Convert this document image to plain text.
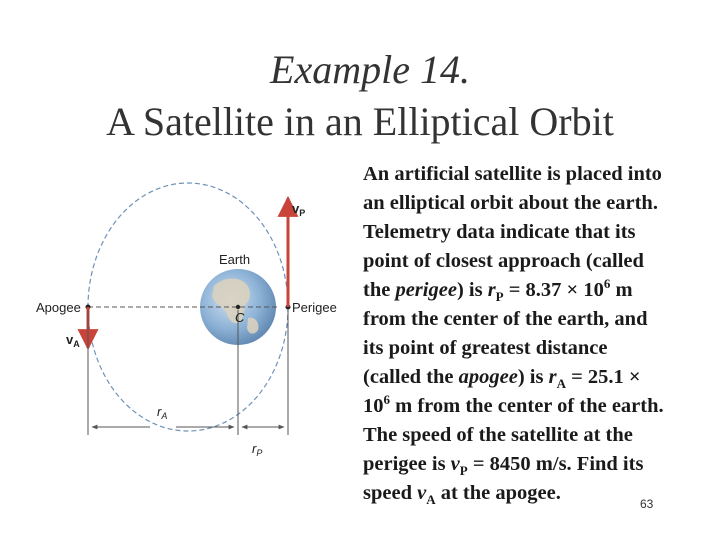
Example 14.
A Satellite in an Elliptical Orbit
Earth
C
Apogee	Perigee
$v_P$
$v_A$
$r_A$
$r_P$
An artificial satellite is placed into
an elliptical orbit about the earth.
Telemetry data indicate that its
point of closest approach (called
the perigee) is $r_P = 8.37 \times 10^6$ m
from the center of the earth, and
its point of greatest distance
(called the apogee) is $r_A = 25.1$ ×
$10^6$ m from the center of the earth.
The speed of the satellite at the
perigee is $v_P = 8450$ m/s. Find its
speed $v_A$ at the apogee.	63
